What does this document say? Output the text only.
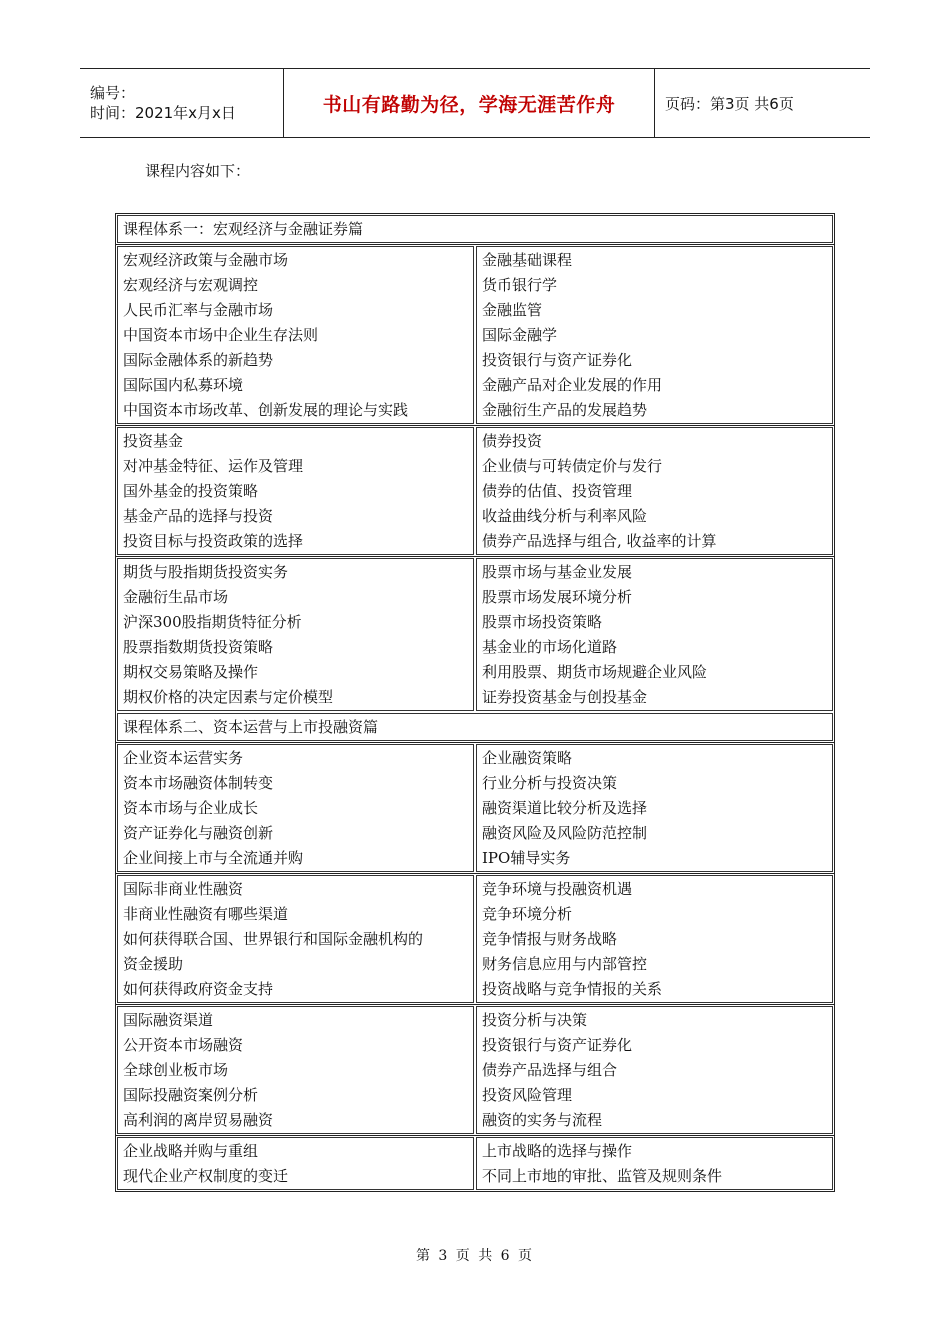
编号：
时间：2021年x月x日	书山有路勤为径，学海无涯苦作舟	页码：第3页 共6页
课程内容如下：
课程体系一：宏观经济与金融证券篇
宏观经济政策与金融市场
宏观经济与宏观调控
人民币汇率与金融市场
中国资本市场中企业生存法则
国际金融体系的新趋势
国际国内私募环境
中国资本市场改革、创新发展的理论与实践
金融基础课程
货币银行学
金融监管
国际金融学
投资银行与资产证券化
金融产品对企业发展的作用
金融衍生产品的发展趋势
投资基金
对冲基金特征、运作及管理
国外基金的投资策略
基金产品的选择与投资
投资目标与投资政策的选择
债券投资
企业债与可转债定价与发行
债券的估值、投资管理
收益曲线分析与利率风险
债券产品选择与组合, 收益率的计算
期货与股指期货投资实务
金融衍生品市场
沪深300股指期货特征分析
股票指数期货投资策略
期权交易策略及操作
期权价格的决定因素与定价模型
股票市场与基金业发展
股票市场发展环境分析
股票市场投资策略
基金业的市场化道路
利用股票、期货市场规避企业风险
证券投资基金与创投基金
课程体系二、资本运营与上市投融资篇
企业资本运营实务
资本市场融资体制转变
资本市场与企业成长
资产证券化与融资创新
企业间接上市与全流通并购
企业融资策略
行业分析与投资决策
融资渠道比较分析及选择
融资风险及风险防范控制
IPO辅导实务
国际非商业性融资
非商业性融资有哪些渠道
如何获得联合国、世界银行和国际金融机构的
资金援助
如何获得政府资金支持
竞争环境与投融资机遇
竞争环境分析
竞争情报与财务战略
财务信息应用与内部管控
投资战略与竞争情报的关系
国际融资渠道
公开资本市场融资
全球创业板市场
国际投融资案例分析
高利润的离岸贸易融资
投资分析与决策
投资银行与资产证券化
债券产品选择与组合
投资风险管理
融资的实务与流程
企业战略并购与重组
现代企业产权制度的变迁
上市战略的选择与操作
不同上市地的审批、监管及规则条件
第 3 页 共 6 页
